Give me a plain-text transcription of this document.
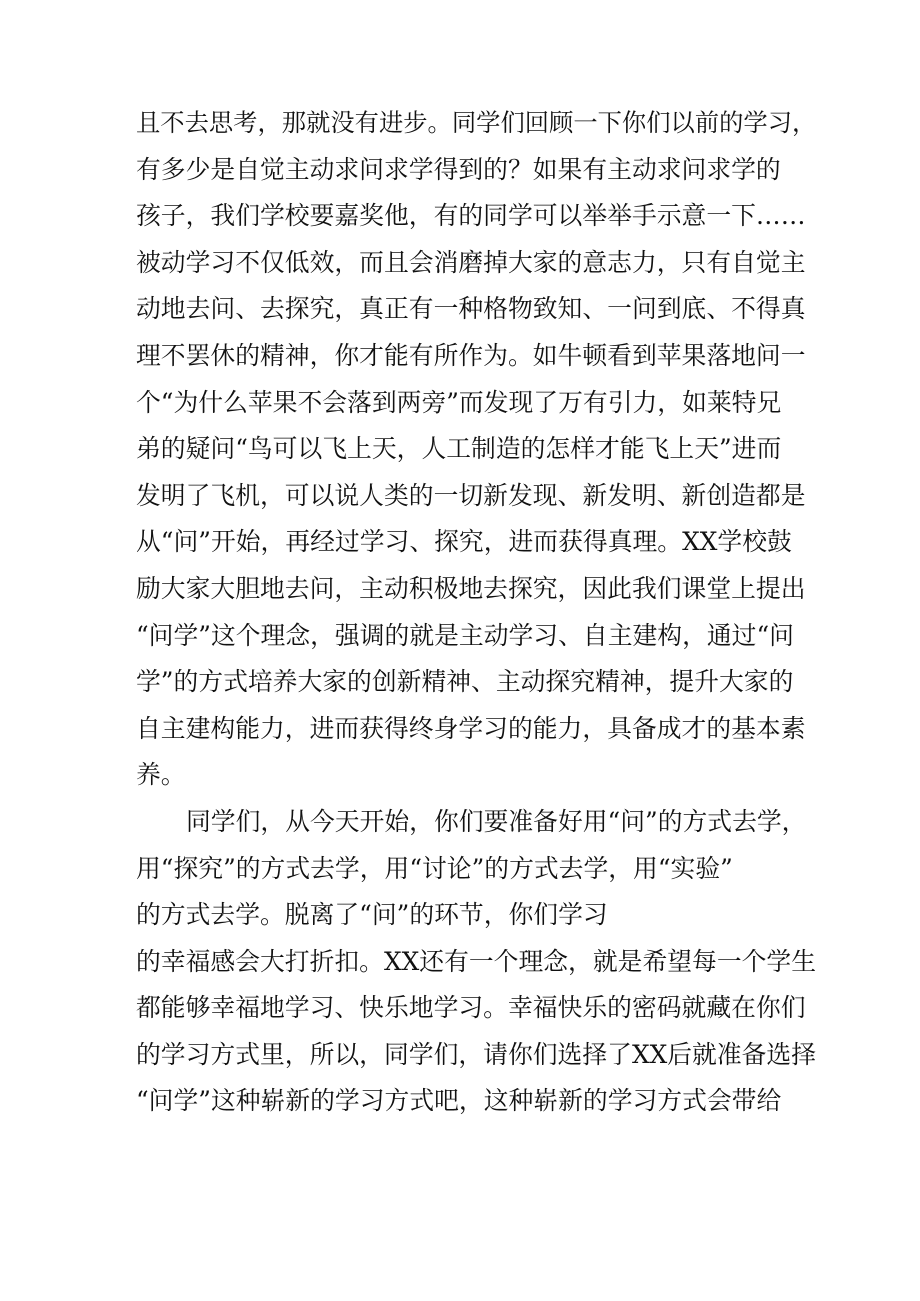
且不去思考，那就没有进步。同学们回顾一下你们以前的学习，
有多少是自觉主动求问求学得到的？如果有主动求问求学的
孩子，我们学校要嘉奖他，有的同学可以举举手示意一下……
被动学习不仅低效，而且会消磨掉大家的意志力，只有自觉主
动地去问、去探究，真正有一种格物致知、一问到底、不得真
理不罢休的精神，你才能有所作为。如牛顿看到苹果落地问一
个“为什么苹果不会落到两旁”而发现了万有引力，如莱特兄
弟的疑问“鸟可以飞上天，人工制造的怎样才能飞上天”进而
发明了飞机，可以说人类的一切新发现、新发明、新创造都是
从“问”开始，再经过学习、探究，进而获得真理。XX学校鼓
励大家大胆地去问，主动积极地去探究，因此我们课堂上提出
“问学”这个理念，强调的就是主动学习、自主建构，通过“问
学”的方式培养大家的创新精神、主动探究精神，提升大家的
自主建构能力，进而获得终身学习的能力，具备成才的基本素
养。
同学们，从今天开始，你们要准备好用“问”的方式去学，
用“探究”的方式去学，用“讨论”的方式去学，用“实验”
的方式去学。脱离了“问”的环节，你们学习
的幸福感会大打折扣。XX还有一个理念，就是希望每一个学生
都能够幸福地学习、快乐地学习。幸福快乐的密码就藏在你们
的学习方式里，所以，同学们，请你们选择了XX后就准备选择
“问学”这种崭新的学习方式吧，这种崭新的学习方式会带给
